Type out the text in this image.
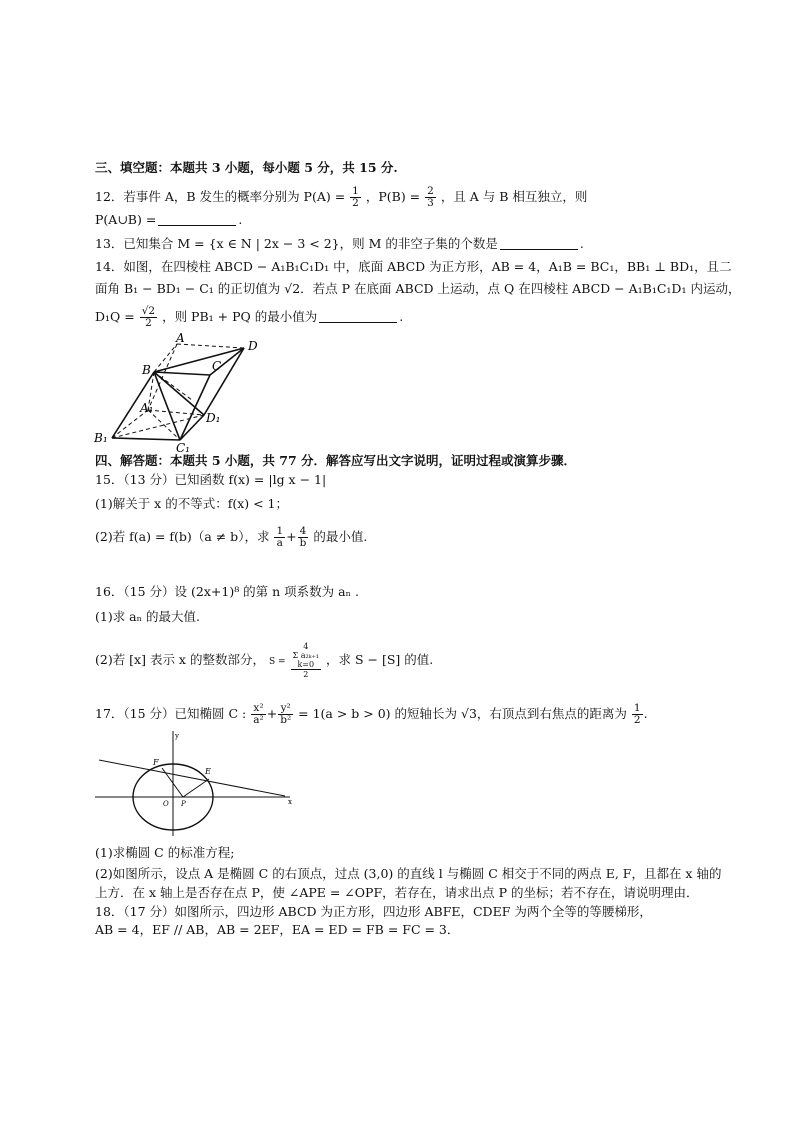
三、填空题：本题共 3 小题，每小题 5 分，共 15 分.
12．若事件 A，B 发生的概率分别为 $P(A) = \frac{1}{2}$ ，$P(B) = \frac{2}{3}$ ，且 A 与 B 相互独立，则
P(A∪B) =	.
13．已知集合 M = {x ∈ N | 2x − 3 < 2}，则 M 的非空子集的个数是	.
14．如图，在四棱柱 ABCD − A₁B₁C₁D₁ 中，底面 ABCD 为正方形，AB = 4，A₁B = BC₁，BB₁ ⊥ BD₁，且二
面角 B₁ − BD₁ − C₁ 的正切值为 √2．若点 P 在底面 ABCD 上运动，点 Q 在四棱柱 ABCD − A₁B₁C₁D₁ 内运动，
$D_1Q = \frac{√2}{2}$ ，则 PB₁ + PQ 的最小值为	.
A
D
B	C
A₁
D₁
B₁
C₁
四、解答题：本题共 5 小题，共 77 分．解答应写出文字说明，证明过程或演算步骤．
15．（13 分）已知函数 f(x) = |lg x − 1|
(1)解关于 x 的不等式：f(x) < 1；
(2)若 f(a) = f(b)（a ≠ b），求 $\frac{1}{a} + \frac{4}{b}$ 的最小值.
16．（15 分）设 (2x+1)⁸ 的第 n 项系数为 aₙ .
(1)求 aₙ 的最大值.
(2)若 [x] 表示 x 的整数部分， S = 4
Σ a₂ₖ₊₁
k=0
2 ，求 S − [S] 的值.
17．（15 分）已知椭圆 C : $\frac{\text{x²}}{\text{a²}} + \frac{\text{y²}}{\text{b²}} = 1(a > b > 0)$ 的短轴长为 √3，右顶点到右焦点的距离为 $\frac{1}{2}$ .
y
x
F
E
O P
(1)求椭圆 C 的标准方程;
(2)如图所示，设点 A 是椭圆 C 的右顶点，过点 (3,0) 的直线 l 与椭圆 C 相交于不同的两点 E, F，且都在 x 轴的
上方．在 x 轴上是否存在点 P，使 ∠APE = ∠OPF，若存在，请求出点 P 的坐标；若不存在，请说明理由．
18．（17 分）如图所示，四边形 ABCD 为正方形，四边形 ABFE，CDEF 为两个全等的等腰梯形，
AB = 4，EF // AB，AB = 2EF，EA = ED = FB = FC = 3．
